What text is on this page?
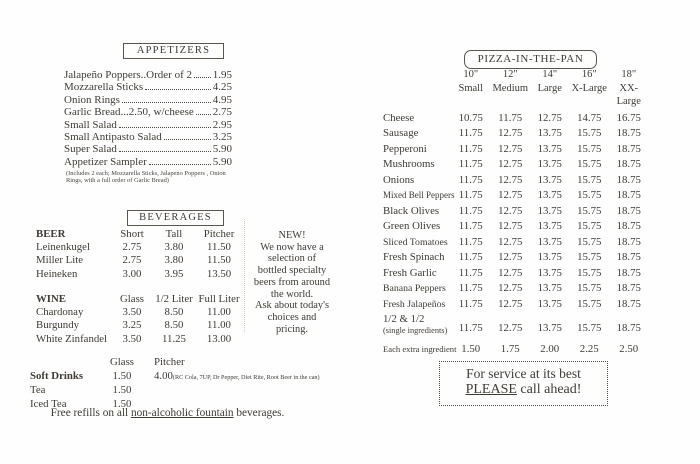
APPETIZERS
Jalapeño Poppers..Order of 2 1.95
Mozzarella Sticks	4.25
Onion Rings	4.95
Garlic Bread...2.50, w/cheese 2.75
Small Salad	2.95
Small Antipasto Salad	3.25
Super Salad	5.90
Appetizer Sampler	5.90
(Includes 2 each; Mozzarella Sticks, Jalapeno Poppers , Onion Rings, with a full order of Garlic Bread)
BEVERAGES
BEER	Short	Tall	Pitcher
Leinenkugel	2.75	3.80	11.50
Miller Lite	2.75	3.80	11.50
Heineken	3.00	3.95	13.50
WINE	Glass	1/2 Liter Full Liter
Chardonay	3.50	8.50	11.00
Burgundy	3.25	8.50	11.00
White Zinfandel	3.50	11.25	13.00
Glass	Pitcher
Soft Drinks	1.50	4.00(RC Cola, 7UP, Dr Pepper, Diet Rite, Root Beer in the can)
Tea	1.50
Iced Tea	1.50
Free refills on all non-alcoholic fountain beverages.
NEW!
We now have a
selection of
bottled specialty
beers from around
the world.
Ask about today's
choices and
pricing.
PIZZA-IN-THE-PAN
10"	12"	14"	16"	18"
Small Medium Large X-Large	XX-Large
Cheese	10.75	11.75	12.75	14.75	16.75
Sausage	11.75	12.75	13.75	15.75	18.75
Pepperoni	11.75	12.75	13.75	15.75	18.75
Mushrooms	11.75	12.75	13.75	15.75	18.75
Onions	11.75	12.75	13.75	15.75	18.75
Mixed Bell Peppers 11.75	12.75	13.75	15.75	18.75
Black Olives	11.75	12.75	13.75	15.75	18.75
Green Olives	11.75	12.75	13.75	15.75	18.75
Sliced Tomatoes	11.75	12.75	13.75	15.75	18.75
Fresh Spinach	11.75	12.75	13.75	15.75	18.75
Fresh Garlic	11.75	12.75	13.75	15.75	18.75
Banana Peppers	11.75	12.75	13.75	15.75	18.75
Fresh Jalapeños	11.75	12.75	13.75	15.75	18.75
1/2 & 1/2
(single ingredients)	11.75	12.75	13.75	15.75	18.75
Each extra ingredient 1.50	1.75	2.00	2.25	2.50
For service at its best
PLEASE call ahead!
